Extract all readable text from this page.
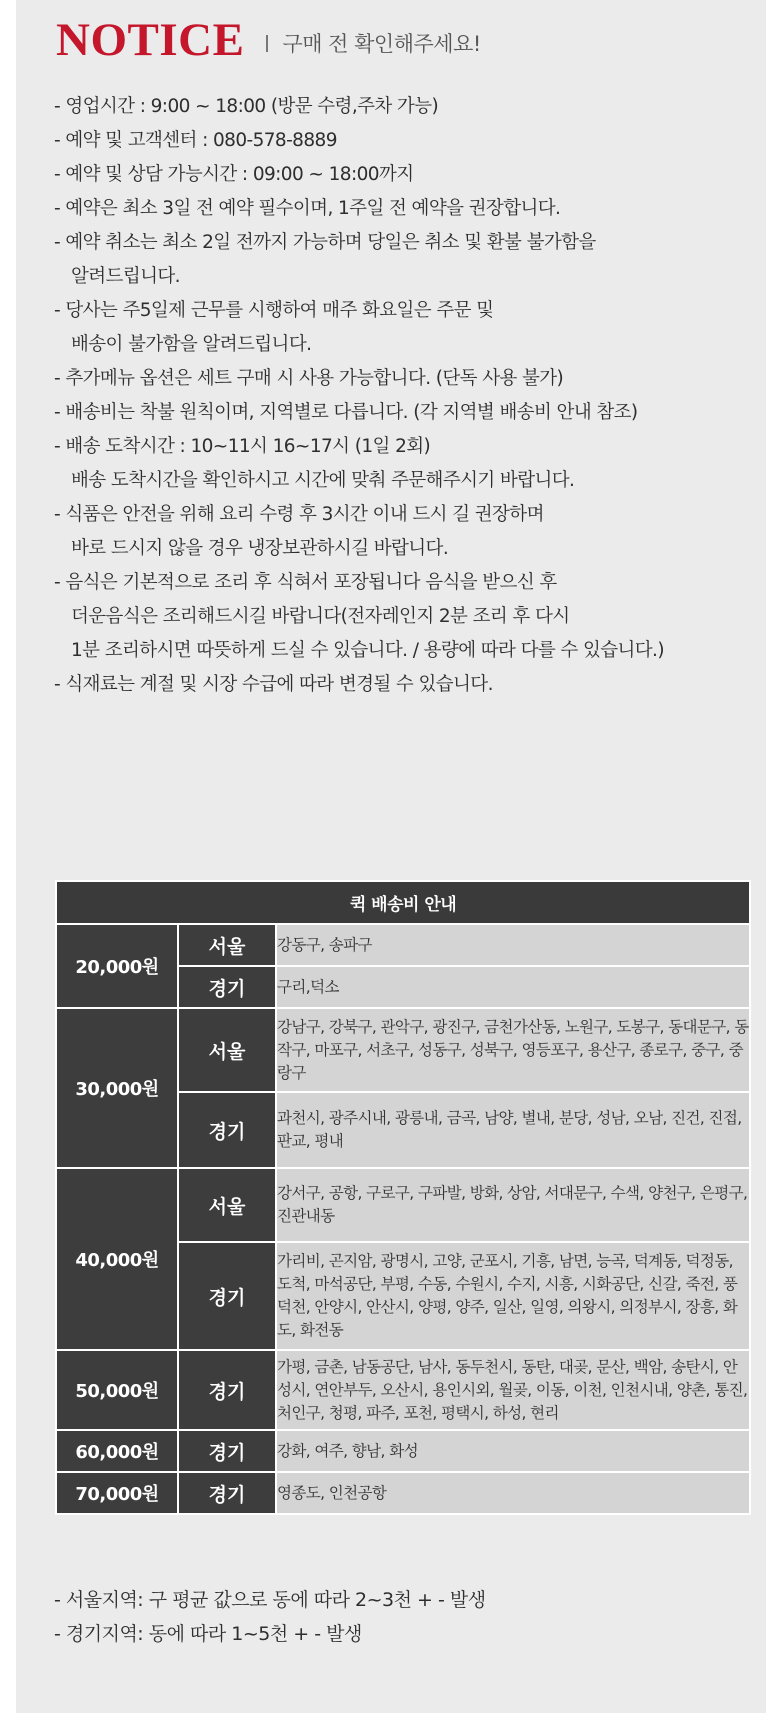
NOTICE 구매 전 확인해주세요!
- 영업시간 : 9:00 ~ 18:00 (방문 수령,주차 가능)
- 예약 및 고객센터 : 080-578-8889
- 예약 및 상담 가능시간 : 09:00 ~ 18:00까지
- 예약은 최소 3일 전 예약 필수이며, 1주일 전 예약을 권장합니다.
- 예약 취소는 최소 2일 전까지 가능하며 당일은 취소 및 환불 불가함을
알려드립니다.
- 당사는 주5일제 근무를 시행하여 매주 화요일은 주문 및
배송이 불가함을 알려드립니다.
- 추가메뉴 옵션은 세트 구매 시 사용 가능합니다. (단독 사용 불가)
- 배송비는 착불 원칙이며, 지역별로 다릅니다. (각 지역별 배송비 안내 참조)
- 배송 도착시간 : 10~11시 16~17시 (1일 2회)
배송 도착시간을 확인하시고 시간에 맞춰 주문해주시기 바랍니다.
- 식품은 안전을 위해 요리 수령 후 3시간 이내 드시 길 권장하며
바로 드시지 않을 경우 냉장보관하시길 바랍니다.
- 음식은 기본적으로 조리 후 식혀서 포장됩니다 음식을 받으신 후
더운음식은 조리해드시길 바랍니다(전자레인지 2분 조리 후 다시
1분 조리하시면 따뜻하게 드실 수 있습니다. / 용량에 따라 다를 수 있습니다.)
- 식재료는 계절 및 시장 수급에 따라 변경될 수 있습니다.
퀵 배송비 안내		
20,000원	서울	강동구, 송파구
	경기	구리,덕소
30,000원	서울	강남구, 강북구, 관악구, 광진구, 금천가산동, 노원구, 도봉구, 동대문구, 동작구, 마포구, 서초구, 성동구, 성북구, 영등포구, 용산구, 종로구, 중구, 중랑구
	경기	과천시, 광주시내, 광릉내, 금곡, 남양, 별내, 분당, 성남, 오남, 진건, 진접, 판교, 평내
40,000원	서울	강서구, 공항, 구로구, 구파발, 방화, 상암, 서대문구, 수색, 양천구, 은평구, 진관내동
	경기	가리비, 곤지암, 광명시, 고양, 군포시, 기흥, 남면, 능곡, 덕계동, 덕정동, 도척, 마석공단, 부평, 수동, 수원시, 수지, 시흥, 시화공단, 신갈, 죽전, 풍덕천, 안양시, 안산시, 양평, 양주, 일산, 일영, 의왕시, 의정부시, 장흥, 화도, 화전동
50,000원	경기	가평, 금촌, 남동공단, 남사, 동두천시, 동탄, 대곶, 문산, 백암, 송탄시, 안성시, 연안부두, 오산시, 용인시외, 월곶, 이동, 이천, 인천시내, 양촌, 통진, 처인구, 청평, 파주, 포천, 평택시, 하성, 현리
60,000원	경기	강화, 여주, 향남, 화성
70,000원	경기	영종도, 인천공항
- 서울지역: 구 평균 값으로 동에 따라 2~3천 + - 발생
- 경기지역: 동에 따라 1~5천 + - 발생
